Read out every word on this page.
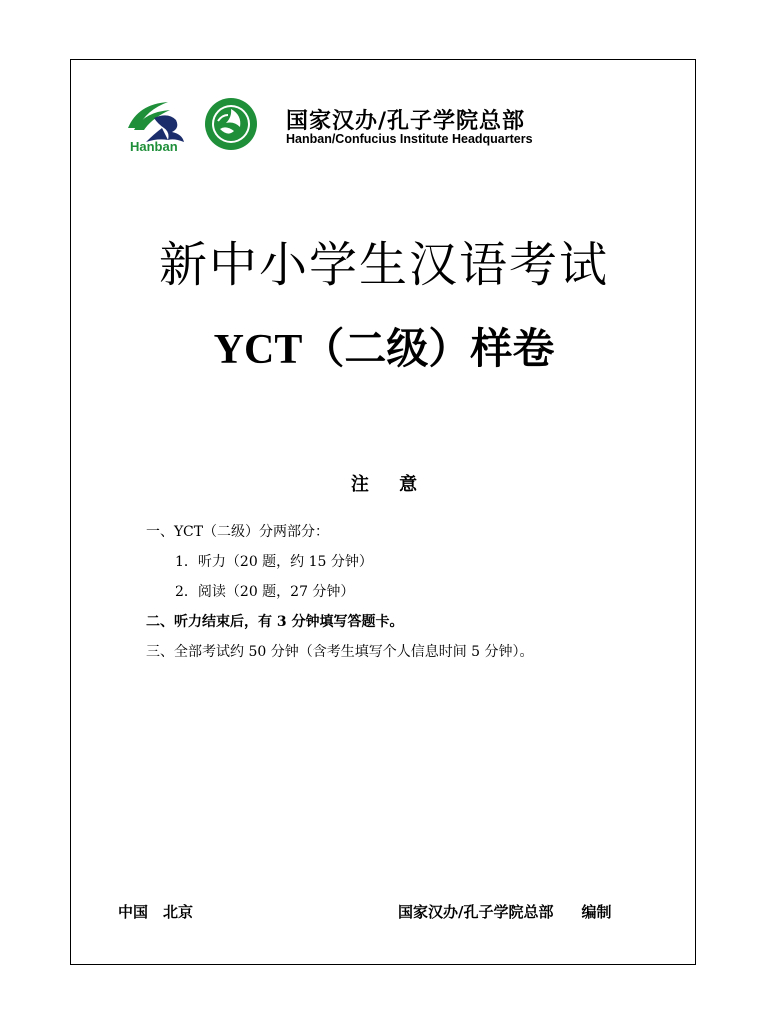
Hanban
国家汉办/孔子学院总部
Hanban/Confucius Institute Headquarters
新中小学生汉语考试
YCT（二级）样卷
注 意
一、YCT（二级）分两部分：
1．听力（20 题，约 15 分钟）
2．阅读（20 题，27 分钟）
二、听力结束后，有 3 分钟填写答题卡。
三、全部考试约 50 分钟（含考生填写个人信息时间 5 分钟）。
中国　北京	国家汉办/孔子学院总部 编制
